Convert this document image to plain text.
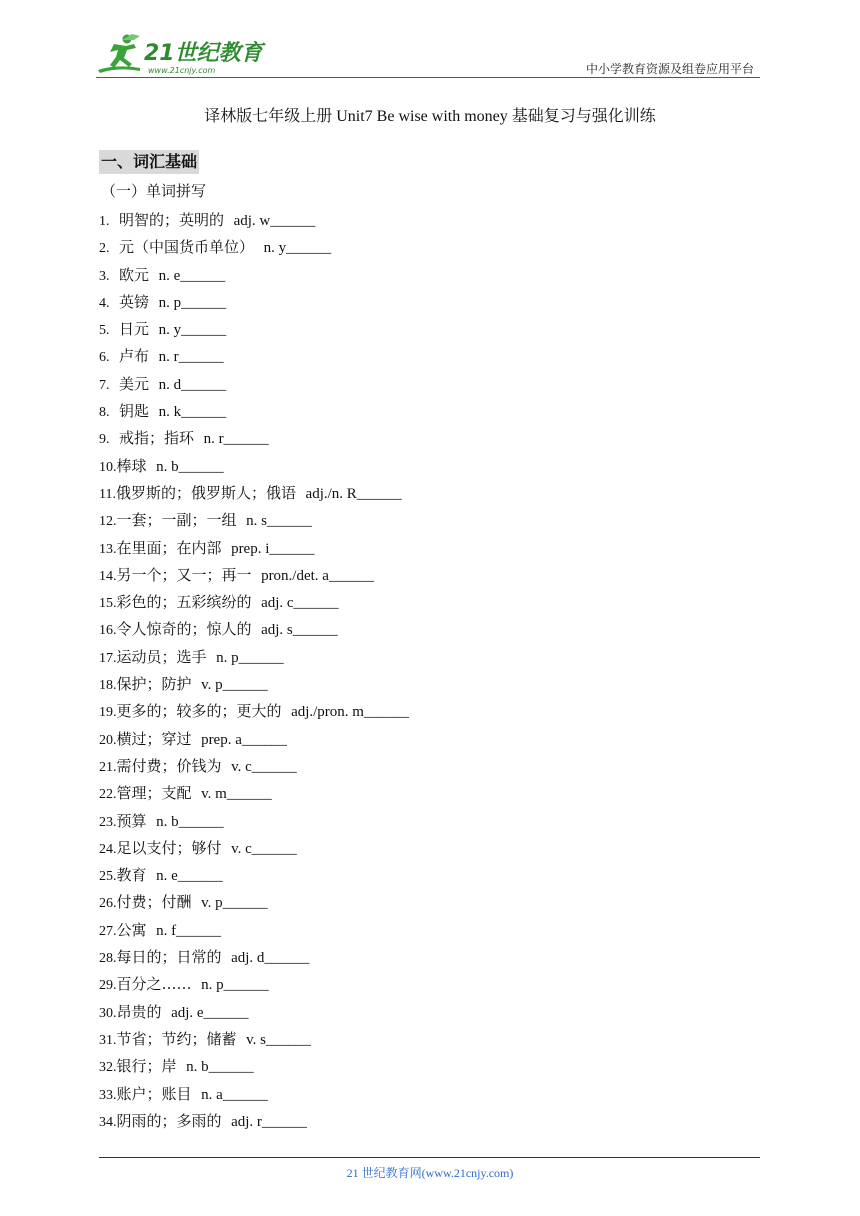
21世纪教育
www.21cnjy.com	中小学教育资源及组卷应用平台
译林版七年级上册 Unit7 Be wise with money 基础复习与强化训练
一、词汇基础
（一）单词拼写
1. 明智的；英明的 adj. w______
2. 元（中国货币单位） n. y______
3. 欧元 n. e______
4. 英镑 n. p______
5. 日元 n. y______
6. 卢布 n. r______
7. 美元 n. d______
8. 钥匙 n. k______
9. 戒指；指环 n. r______
10.棒球 n. b______
11.俄罗斯的；俄罗斯人；俄语 adj./n. R______
12.一套；一副；一组 n. s______
13.在里面；在内部 prep. i______
14.另一个；又一；再一 pron./det. a______
15.彩色的；五彩缤纷的 adj. c______
16.令人惊奇的；惊人的 adj. s______
17.运动员；选手 n. p______
18.保护；防护 v. p______
19.更多的；较多的；更大的 adj./pron. m______
20.横过；穿过 prep. a______
21.需付费；价钱为 v. c______
22.管理；支配 v. m______
23.预算 n. b______
24.足以支付；够付 v. c______
25.教育 n. e______
26.付费；付酬 v. p______
27.公寓 n. f______
28.每日的；日常的 adj. d______
29.百分之…… n. p______
30.昂贵的 adj. e______
31.节省；节约；储蓄 v. s______
32.银行；岸 n. b______
33.账户；账目 n. a______
34.阴雨的；多雨的 adj. r______
21 世纪教育网(www.21cnjy.com)
